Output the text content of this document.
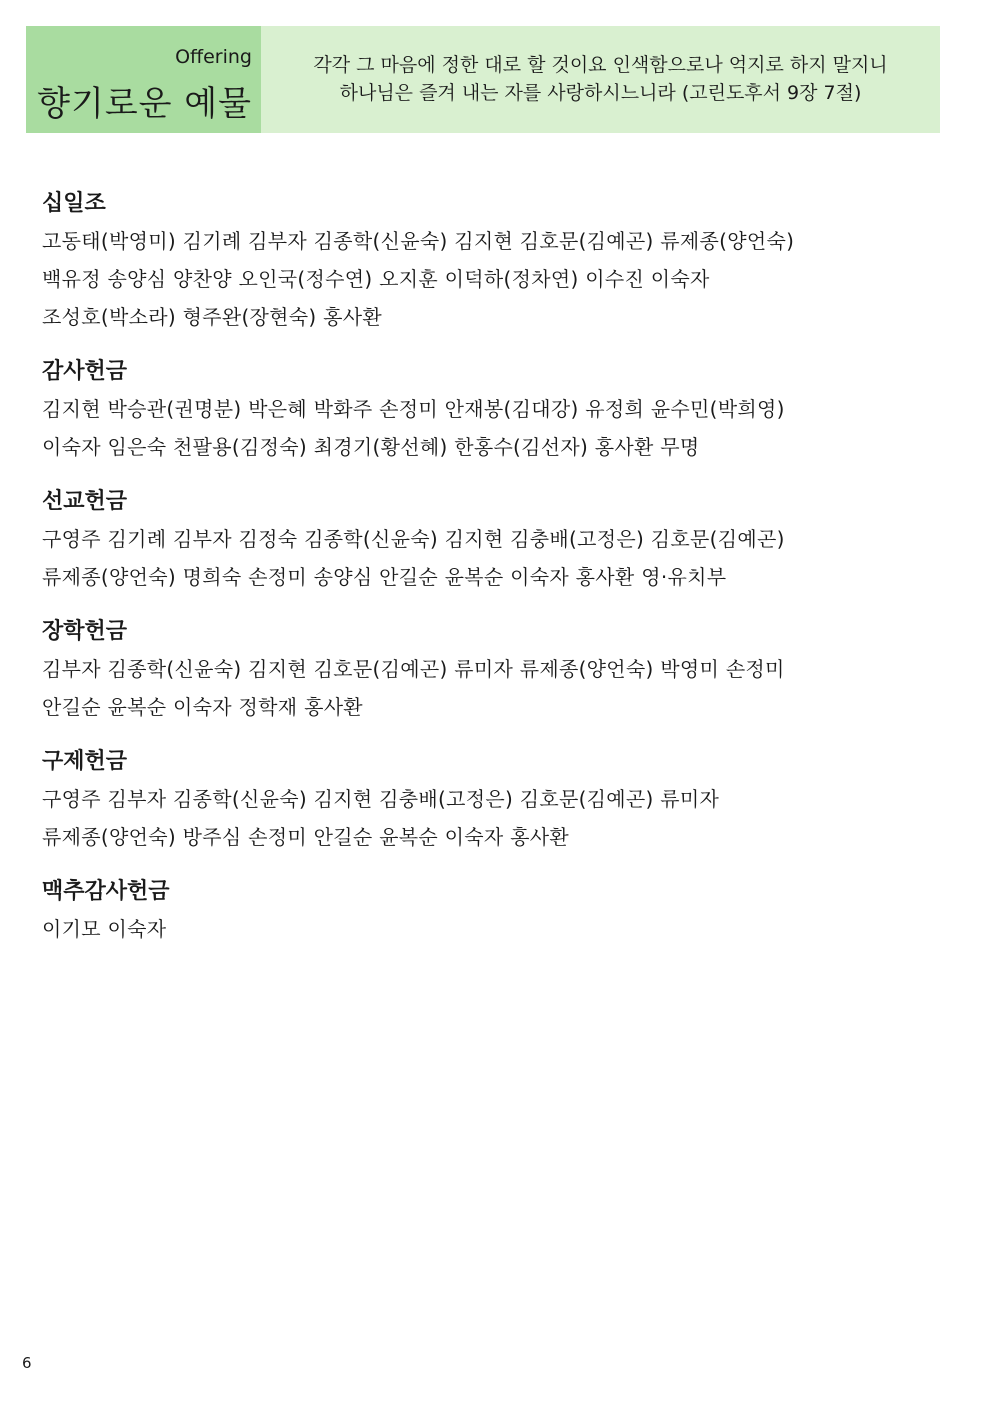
Offering
향기로운 예물
각각 그 마음에 정한 대로 할 것이요 인색함으로나 억지로 하지 말지니
하나님은 즐겨 내는 자를 사랑하시느니라 (고린도후서 9장 7절)
십일조
고동태(박영미) 김기례 김부자 김종학(신윤숙) 김지현 김호문(김예곤) 류제종(양언숙)
백유정 송양심 양찬양 오인국(정수연) 오지훈 이덕하(정차연) 이수진 이숙자
조성호(박소라) 형주완(장현숙) 홍사환
감사헌금
김지현 박승관(권명분) 박은혜 박화주 손정미 안재봉(김대강) 유정희 윤수민(박희영)
이숙자 임은숙 천팔용(김정숙) 최경기(황선혜) 한홍수(김선자) 홍사환 무명
선교헌금
구영주 김기례 김부자 김정숙 김종학(신윤숙) 김지현 김충배(고정은) 김호문(김예곤)
류제종(양언숙) 명희숙 손정미 송양심 안길순 윤복순 이숙자 홍사환 영·유치부
장학헌금
김부자 김종학(신윤숙) 김지현 김호문(김예곤) 류미자 류제종(양언숙) 박영미 손정미
안길순 윤복순 이숙자 정학재 홍사환
구제헌금
구영주 김부자 김종학(신윤숙) 김지현 김충배(고정은) 김호문(김예곤) 류미자
류제종(양언숙) 방주심 손정미 안길순 윤복순 이숙자 홍사환
맥추감사헌금
이기모 이숙자
6
